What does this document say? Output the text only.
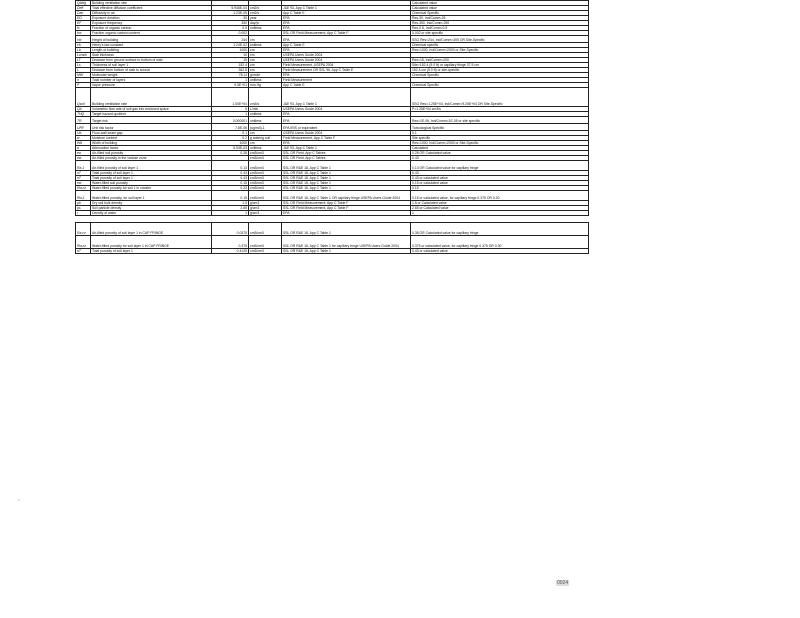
Qbldg	Building ventilation rate				Calculated value
Deff	Total effective diffusion coefficient	5.946E-04	cm2/s	J&E 93, App C Table 1	Calculated value
Dair	Diffusivity in air	1.23E-05	cm2/s	App C Table E	Chemical Specific
ED	Exposure duration	30	year	EPA	Res-30, Ind/Comm-25
EF	Exposure frequency	350	day/yr	EPA	Res-350, Ind/Comm-250
fc	Fraction of organic carbon	0.5	unitless	EPA	Res-0.5, Ind/Comm-0.5
foc	Fraction organic carbon content	0.002		SSL OR Field Measurement, App C Table F	0.002 or site specific
Hb	Height of building	244	cm	EPA	SSG Res=244, Ind/Comm=305 OR Site-Specific
Hc	Henry's law constant	1.24E-02	unitless	App C Table E	Chemical specific
Lb	Length of building	1000	cm	EPA	Res=1000, Ind/Comm=2000 or Site-Specific
Lcrack	Slab thickness	10	cm	USEPA Users Guide 2004	
LT	Distance from ground surface to bottom of slab	15	cm	USEPA Users Guide 2004	Res=15, Ind/Comm=200
Ls	Thickness of soil layer 1	152.4	cm	Field Measurement, USEPA 2004	Site=152.4 (5.0 ft) or capillary fringe 37.5 cm
L	Distance from bottom of slab to source	362.5	cm	Field Measurement OR SSL 96, App C Table E	152.4 cm (5.0 ft) or site-specific
MW	Molecular weight	78.11	g/mole	EPA	Chemical Specific
n	Total number of layers	1	unitless	Field Measurement	
P	Vapor pressure	9.5E+01	mm Hg	App C Table E	Chemical Specific
Qsoil	Building ventilation rate	1.00E+04	cm3/s	J&E 93, App C Table 1	SSG Res=1.25E+04, Ind/Comm=9.25E+04 OR Site-Specific
Qb	Volumetric flow rate of soil gas into enclosed space	5	L/min	USEPA Users Guide 2004	P=1.25E+04 cm3/s
THQ	Target hazard quotient	1	unitless	EPA	
TR	Target risk	0.000001	unitless	EPA	Res=1E-06, Ind/Comm=1E-05 or site specific
URF	Unit risk factor	7.8E-06	(ug/m3)-1	EPA IRIS or equivalent	Toxicological Specific
Ub	Floor-wall seam gap	0.1	cm	USEPA Users Guide 2004	0.1
w	Moisture content	0.2	g water/g soil	Field Measurement, App C Table F	Site specific
Wb	Width of building	1000	cm	EPA	Res=1000, Ind/Comm=2000 or Site-Specific
a	Attenuation factor	5.53E-03	unitless	J&E 93, App C Table 1	Calculated
ea	Air-filled soil porosity	0.28	cm3/cm3	SSL OR Field, App C Tables	0.28 OR Calculated value
ew	Air-filled porosity in the vadose zone		cm3/cm3	SSL OR Field, App C Tables	0.43
Ra,1	Air-filled porosity of soil layer 1	0.13	cm3/cm3	SSL OR R&E 18, App C Table 1	0.13 OR Calculated value for capillary fringe
nT	Total porosity of soil layer 1	0.43	cm3/cm3	SSL OR R&E 18, App C Table 1	0.43
nT	Total porosity of soil layer 1	0.43	cm3/cm3	SSL OR R&E 18, App C Table 1	0.43 or calculated value
ew	Water-filled soil porosity	0.15	cm3/cm3	SSL OR R&E 18, App C Table 1	0.15 or calculated value
Rw,cz	Water-filled porosity for soil 1 in crwater	0.23	cm3/cm3	SSL OR R&E 18, App C Table 1	0.15
Rw,1	Water-filled porosity, for soil layer 1	0.15	cm3/cm3	SSL OR R&E 18, App C Table 1 OR capillary fringe USEPA Users Guide 2004	0.15 or calculated value, for capillary fringe 0.375 OR 0.30
pb	Dry soil bulk density	1.5	g/cm3	SSL OR Field Measurement, App C Table F	1.5 or Calculated value
ps	Soil particle density	2.65	g/cm3	SSL OR Field Measurement, App C Table F	2.65 or Calculated value
r	Density of water	1	g/cm3	EPA	1

Ra,cz	Air-filled porosity of soil layer 1 in CAP FRINGE	0.0375	cm3/cm3	SSL OR R&E 18, App C Table 1	0.38 OR Calculated value for capillary fringe
Rw,cz	Water-filled porosity for soil layer 1 in CAP FRINGE	0.375	cm3/cm3	SSL OR R&E 18, App C Table 1 for capillary fringe USEPA Users Guide 2004	0.375 or calculated value, for capillary fringe 0.375 OR 0.30
nT	Total porosity of soil layer 1	0.4125	cm3/cm3	SSL OR R&E 18, App C Table 1	0.43 or calculated value
ˎ
0024
